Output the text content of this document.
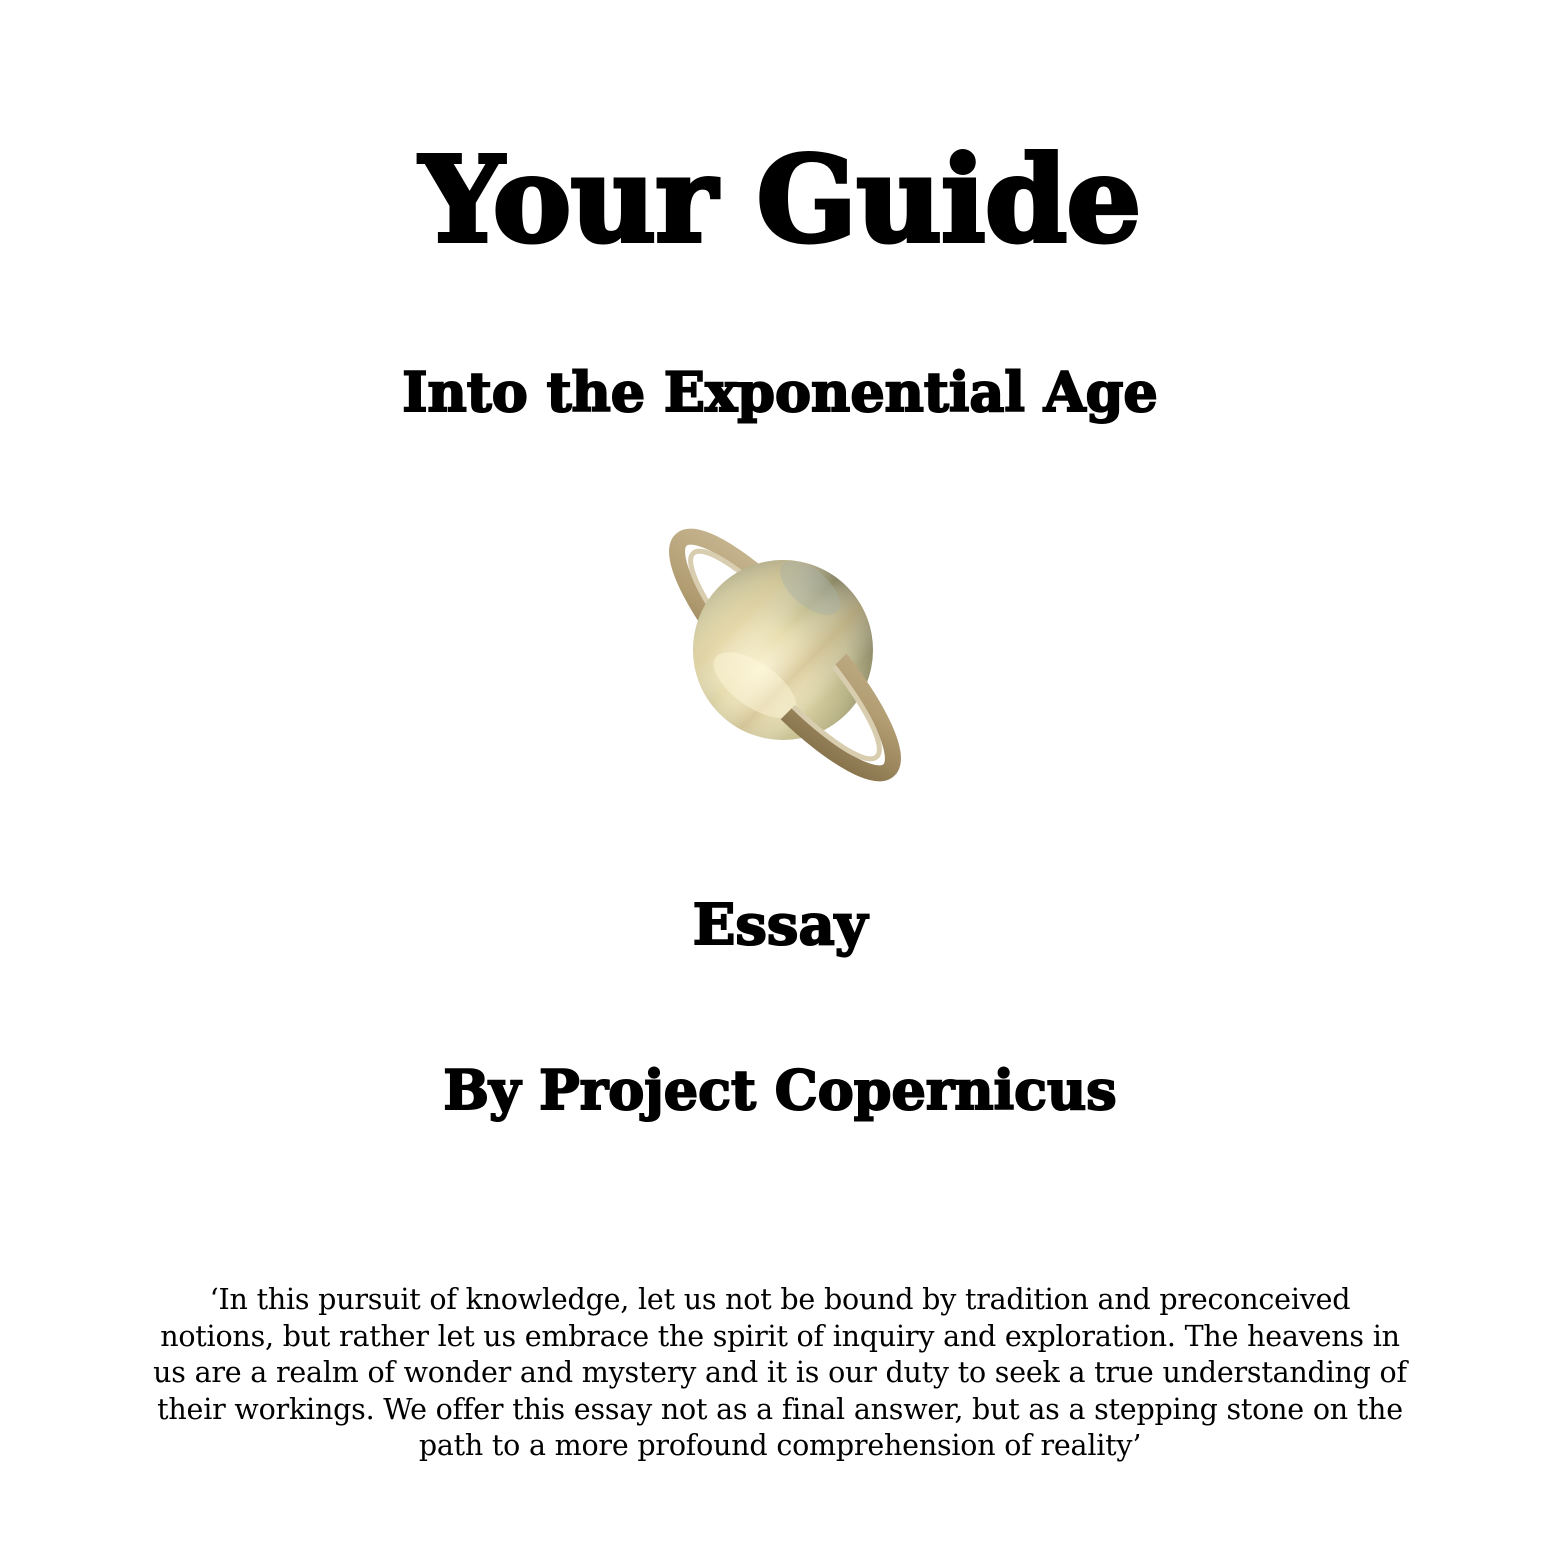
Your Guide
Into the Exponential Age
Essay
By Project Copernicus
‘In this pursuit of knowledge, let us not be bound by tradition and preconceived notions, but rather let us embrace the spirit of inquiry and exploration. The heavens in us are a realm of wonder and mystery and it is our duty to seek a true understanding of their workings. We offer this essay not as a final answer, but as a stepping stone on the path to a more profound comprehension of reality’
